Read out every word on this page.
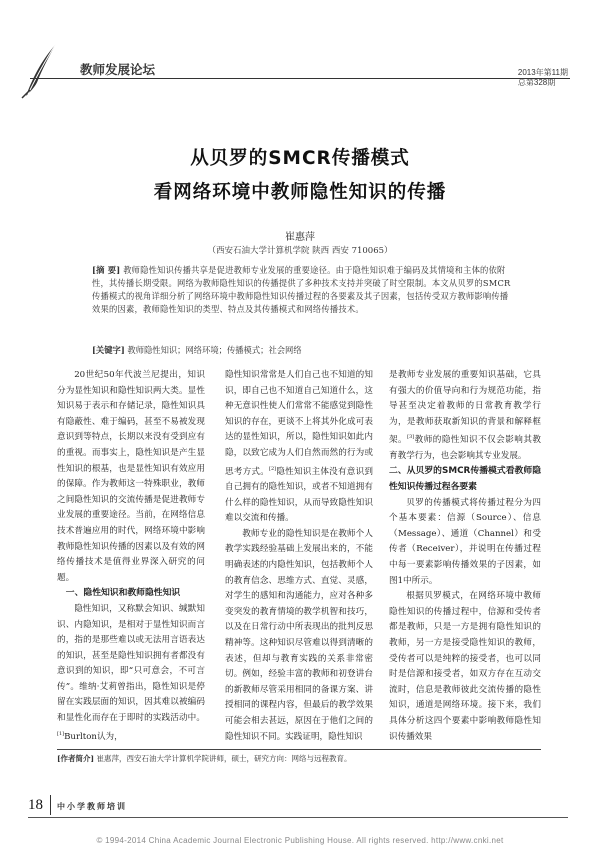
教师发展论坛	2013年第11期
总第328期
从贝罗的SMCR传播模式
看网络环境中教师隐性知识的传播
崔惠萍
（西安石油大学计算机学院 陕西 西安 710065）
[摘 要] 教师隐性知识传播共享是促进教师专业发展的重要途径。由于隐性知识难于编码及其情境和主体的依附性，其传播长期受限。网络为教师隐性知识的传播提供了多种技术支持并突破了时空限制。本文从贝罗的SMCR传播模式的视角详细分析了网络环境中教师隐性知识传播过程的各要素及其子因素，包括传受双方教师影响传播效果的因素，教师隐性知识的类型、特点及其传播模式和网络传播技术。
[关键字] 教师隐性知识；网络环境；传播模式；社会网络

20世纪50年代波兰尼提出，知识分为显性知识和隐性知识两大类。显性知识易于表示和存储记录，隐性知识具有隐蔽性、难于编码，甚至不易被发现意识到等特点，长期以来没有受到应有的重视。而事实上，隐性知识是产生显性知识的根基，也是显性知识有效应用的保障。作为教师这一特殊职业，教师之间隐性知识的交流传播是促进教师专业发展的重要途径。当前，在网络信息技术普遍应用的时代，网络环境中影响教师隐性知识传播的因素以及有效的网络传播技术是值得业界深入研究的问题。

一、隐性知识和教师隐性知识

隐性知识，又称默会知识、缄默知识、内隐知识，是相对于显性知识而言的，指的是那些难以或无法用言语表达的知识，甚至是隐性知识拥有者都没有意识到的知识，即“只可意会，不可言传”。维纳·艾莉曾指出，隐性知识是停留在实践层面的知识，因其难以被编码和显性化而存在于即时的实践活动中。[1]Burlton认为，

隐性知识常常是人们自己也不知道的知识，即自己也不知道自己知道什么，这种无意识性使人们常常不能感觉到隐性知识的存在，更谈不上将其外化成可表达的显性知识，所以，隐性知识如此内隐，以致它成为人们自然而然的行为或思考方式。[2]隐性知识主体没有意识到自己拥有的隐性知识，或者不知道拥有什么样的隐性知识，从而导致隐性知识难以交流和传播。

教师专业的隐性知识是在教师个人教学实践经验基础上发展出来的，不能明确表述的内隐性知识，包括教师个人的教育信念、思维方式、直觉、灵感，对学生的感知和沟通能力，应对各种多变突发的教育情境的教学机智和技巧，以及在日常行动中所表现出的批判反思精神等。这种知识尽管难以得到清晰的表述，但却与教育实践的关系非常密切。例如，经验丰富的教师和初登讲台的新教师尽管采用相同的备课方案、讲授相同的课程内容，但最后的教学效果可能会相去甚远，原因在于他们之间的隐性知识不同。实践证明，隐性知识

是教师专业发展的重要知识基础，它具有强大的价值导向和行为规范功能，指导甚至决定着教师的日常教育教学行为，是教师获取新知识的背景和解释框架。[3]教师的隐性知识不仅会影响其教育教学行为，也会影响其专业发展。

二、从贝罗的SMCR传播模式看教师隐性知识传播过程各要素

贝罗的传播模式将传播过程分为四个基本要素：信源（Source）、信息（Message）、通道（Channel）和受传者（Receiver），并说明在传播过程中每一要素影响传播效果的子因素，如图1中所示。

根据贝罗模式，在网络环境中教师隐性知识的传播过程中，信源和受传者都是教师，只是一方是拥有隐性知识的教师，另一方是接受隐性知识的教师，受传者可以是纯粹的接受者，也可以同时是信源和接受者，如双方存在互动交流时，信息是教师彼此交流传播的隐性知识，通道是网络环境。接下来，我们具体分析这四个要素中影响教师隐性知识传播效果

[作者简介] 崔惠萍，西安石油大学计算机学院讲师，硕士，研究方向：网络与远程教育。
18 中小学教师培训
© 1994-2014 China Academic Journal Electronic Publishing House. All rights reserved. http://www.cnki.net
